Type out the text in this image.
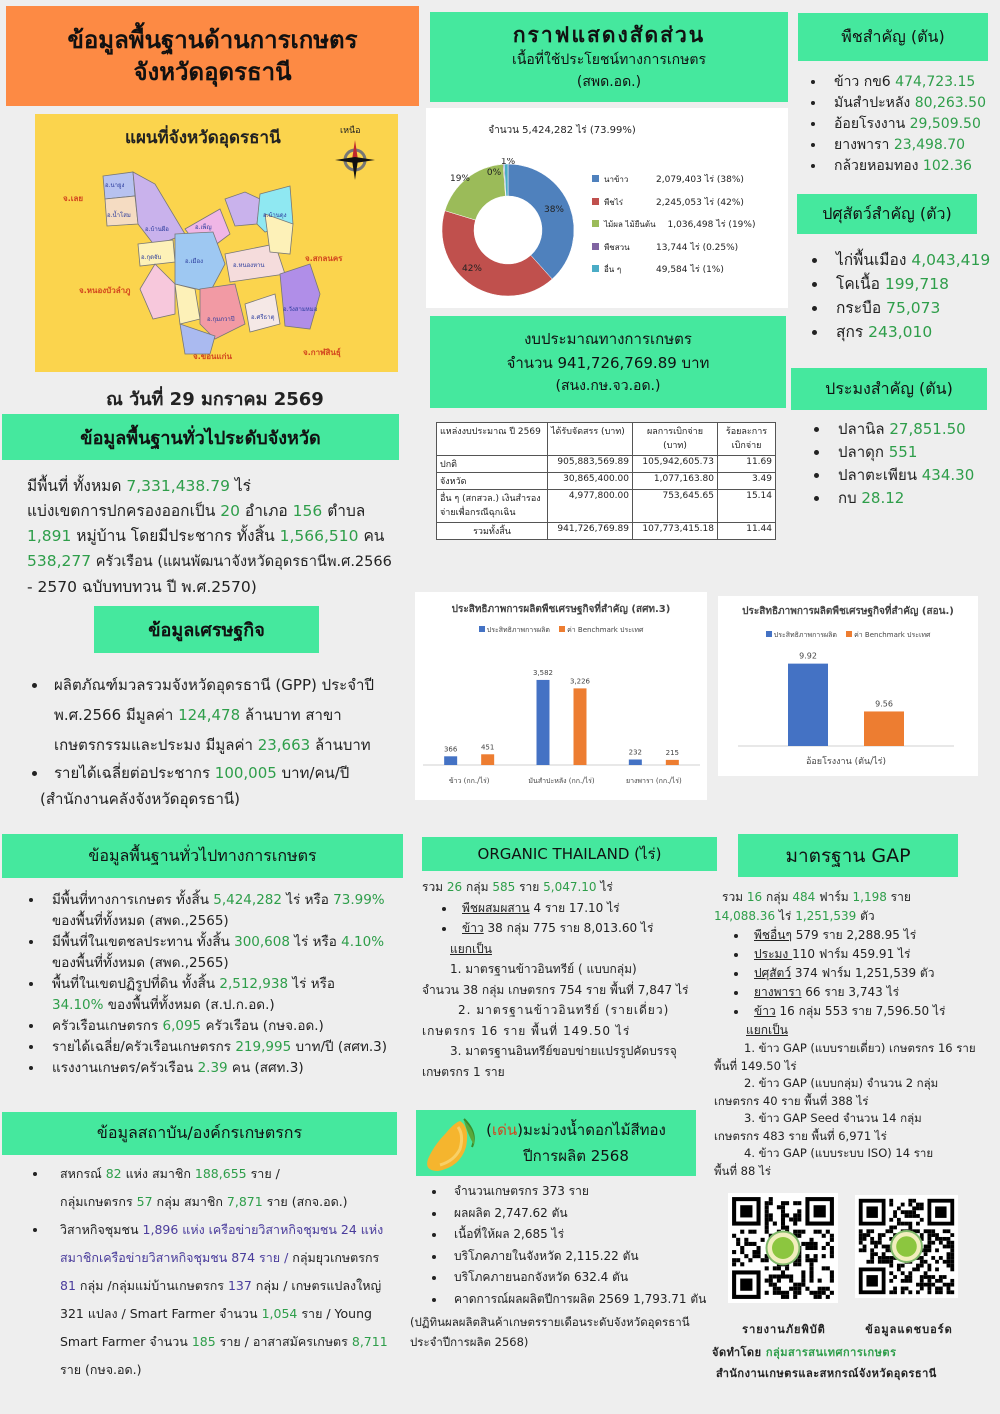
ข้อมูลพื้นฐานด้านการเกษตร
จังหวัดอุดรธานี
แผนที่จังหวัดอุดรธานี	เหนือ
จ.เลย
จ.หนองบัวลำภู
จ.สกลนคร
จ.ขอนแก่น	จ.กาฬสินธุ์
อ.นายูง
อ.น้ำโสม
อ.บ้านผือ	อ.เพ็ญ
อ.บ้านดุง
อ.กุดจับ
อ.เมือง
อ.หนองหาน
อ.กุมภวาปี	อ.ศรีธาตุ
อ.วังสามหมอ
ณ วันที่ 29 มกราคม 2569
ข้อมูลพื้นฐานทั่วไประดับจังหวัด
มีพื้นที่ ทั้งหมด 7,331,438.79 ไร่
แบ่งเขตการปกครองออกเป็น 20 อำเภอ 156 ตำบล
1,891 หมู่บ้าน โดยมีประชากร ทั้งสิ้น 1,566,510 คน
538,277 ครัวเรือน (แผนพัฒนาจังหวัดอุดรธานีพ.ศ.2566
- 2570 ฉบับทบทวน ปี พ.ศ.2570)
ข้อมูลเศรษฐกิจ
• ผลิตภัณฑ์มวลรวมจังหวัดอุดรธานี (GPP) ประจำปี
พ.ศ.2566 มีมูลค่า 124,478 ล้านบาท สาขา
เกษตรกรรมและประมง มีมูลค่า 23,663 ล้านบาท
• รายได้เฉลี่ยต่อประชากร 100,005 บาท/คน/ปี
(สำนักงานคลังจังหวัดอุดรธานี)
กราฟแสดงสัดส่วน
เนื้อที่ใช้ประโยชน์ทางการเกษตร
(สพด.อด.)
จำนวน 5,424,282 ไร่ (73.99%)
38%
42%
19%
0%
1%
นาข้าว	2,079,403 ไร่ (38%)
พืชไร่	2,245,053 ไร่ (42%)
ไม้ผล ไม้ยืนต้น 1,036,498 ไร่ (19%)
พืชสวน	13,744 ไร่ (0.25%)
อื่น ๆ	49,584 ไร่ (1%)
งบประมาณทางการเกษตร
จำนวน 941,726,769.89 บาท
(สนง.กษ.จว.อด.)
แหล่งงบประมาณ ปี 2569	ได้รับจัดสรร (บาท)	ผลการเบิกจ่าย (บาท)	ร้อยละการเบิกจ่าย
ปกติ	905,883,569.89	105,942,605.73	11.69
จังหวัด	30,865,400.00	1,077,163.80	3.49
อื่น ๆ (สกสวล.) เงินสำรองจ่ายเพื่อกรณีฉุกเฉิน	4,977,800.00	753,645.65	15.14
รวมทั้งสิ้น	941,726,769.89	107,773,415.18	11.44
พืชสำคัญ (ตัน)
• ข้าว กข6 474,723.15
• มันสำปะหลัง 80,263.50
• อ้อยโรงงาน 29,509.50
• ยางพารา 23,498.70
• กล้วยหอมทอง 102.36
ปศุสัตว์สำคัญ (ตัว)
• ไก่พื้นเมือง 4,043,419
• โคเนื้อ 199,718
• กระบือ 75,073
• สุกร 243,010
ประมงสำคัญ (ตัน)
• ปลานิล 27,851.50
• ปลาดุก 551
• ปลาตะเพียน 434.30
• กบ 28.12
ประสิทธิภาพการผลิตพืชเศรษฐกิจที่สำคัญ (สศท.3)
ประสิทธิภาพการผลิต ค่า Benchmark ประเทศ
366	451
ข้าว (กก./ไร่)
3,582
3,226
มันสำปะหลัง (กก./ไร่)
232	215
ยางพารา (กก./ไร่)
ประสิทธิภาพการผลิตพืชเศรษฐกิจที่สำคัญ (สอน.)
ประสิทธิภาพการผลิต ค่า Benchmark ประเทศ
9.92
9.56
อ้อยโรงงาน (ตัน/ไร่)
ข้อมูลพื้นฐานทั่วไปทางการเกษตร
• มีพื้นที่ทางการเกษตร ทั้งสิ้น 5,424,282 ไร่ หรือ 73.99%
ของพื้นที่ทั้งหมด (สพด.,2565)
• มีพื้นที่ในเขตชลประทาน ทั้งสิ้น 300,608 ไร่ หรือ 4.10%
ของพื้นที่ทั้งหมด (สพด.,2565)
• พื้นที่ในเขตปฏิรูปที่ดิน ทั้งสิ้น 2,512,938 ไร่ หรือ
34.10% ของพื้นที่ทั้งหมด (ส.ป.ก.อด.)
• ครัวเรือนเกษตรกร 6,095 ครัวเรือน (กษจ.อด.)
• รายได้เฉลี่ย/ครัวเรือนเกษตรกร 219,995 บาท/ปี (สศท.3)
• แรงงานเกษตร/ครัวเรือน 2.39 คน (สศท.3)
ORGANIC THAILAND (ไร่)
รวม 26 กลุ่ม 585 ราย 5,047.10 ไร่
• พืชผสมผสาน 4 ราย 17.10 ไร่
• ข้าว 38 กลุ่ม 775 ราย 8,013.60 ไร่
แยกเป็น
1. มาตรฐานข้าวอินทรีย์ ( แบบกลุ่ม)
จำนวน 38 กลุ่ม เกษตรกร 754 ราย พื้นที่ 7,847 ไร่
2. มาตรฐานข้าวอินทรีย์ (รายเดี่ยว)
เกษตรกร 16 ราย พื้นที่ 149.50 ไร่
3. มาตรฐานอินทรีย์ขอบข่ายแปรรูปคัดบรรจุ
เกษตรกร 1 ราย
มาตรฐาน GAP
รวม 16 กลุ่ม 484 ฟาร์ม 1,198 ราย
14,088.36 ไร่ 1,251,539 ตัว
• พืชอื่นๆ 579 ราย 2,288.95 ไร่
• ประมง 110 ฟาร์ม 459.91 ไร่
• ปศุสัตว์ 374 ฟาร์ม 1,251,539 ตัว
• ยางพารา 66 ราย 3,743 ไร่
• ข้าว 16 กลุ่ม 553 ราย 7,596.50 ไร่
แยกเป็น
1. ข้าว GAP (แบบรายเดี่ยว) เกษตรกร 16 ราย
พื้นที่ 149.50 ไร่
2. ข้าว GAP (แบบกลุ่ม) จำนวน 2 กลุ่ม
เกษตรกร 40 ราย พื้นที่ 388 ไร่
3. ข้าว GAP Seed จำนวน 14 กลุ่ม
เกษตรกร 483 ราย พื้นที่ 6,971 ไร่
4. ข้าว GAP (แบบระบบ ISO) 14 ราย
พื้นที่ 88 ไร่
ข้อมูลสถาบัน/องค์กรเกษตรกร
• สหกรณ์ 82 แห่ง สมาชิก 188,655 ราย /
กลุ่มเกษตรกร 57 กลุ่ม สมาชิก 7,871 ราย (สกจ.อด.)
• วิสาหกิจชุมชน 1,896 แห่ง เครือข่ายวิสาหกิจชุมชน 24 แห่ง
สมาชิกเครือข่ายวิสาหกิจชุมชน 874 ราย / กลุ่มยุวเกษตรกร
81 กลุ่ม /กลุ่มแม่บ้านเกษตรกร 137 กลุ่ม / เกษตรแปลงใหญ่
321 แปลง / Smart Farmer จำนวน 1,054 ราย / Young
Smart Farmer จำนวน 185 ราย / อาสาสมัครเกษตร 8,711
ราย (กษจ.อด.)
(เด่น)มะม่วงน้ำดอกไม้สีทอง
ปีการผลิต 2568
• จำนวนเกษตรกร 373 ราย
• ผลผลิต 2,747.62 ตัน
• เนื้อที่ให้ผล 2,685 ไร่
• บริโภคภายในจังหวัด 2,115.22 ตัน
• บริโภคภายนอกจังหวัด 632.4 ตัน
• คาดการณ์ผลผลิตปีการผลิต 2569 1,793.71 ตัน
(ปฏิทินผลผลิตสินค้าเกษตรรายเดือนระดับจังหวัดอุดรธานีประจำปีการผลิต 2568)
รายงานภัยพิบัติ	ข้อมูลแดชบอร์ด
จัดทำโดย กลุ่มสารสนเทศการเกษตร
สำนักงานเกษตรและสหกรณ์จังหวัดอุดรธานี
